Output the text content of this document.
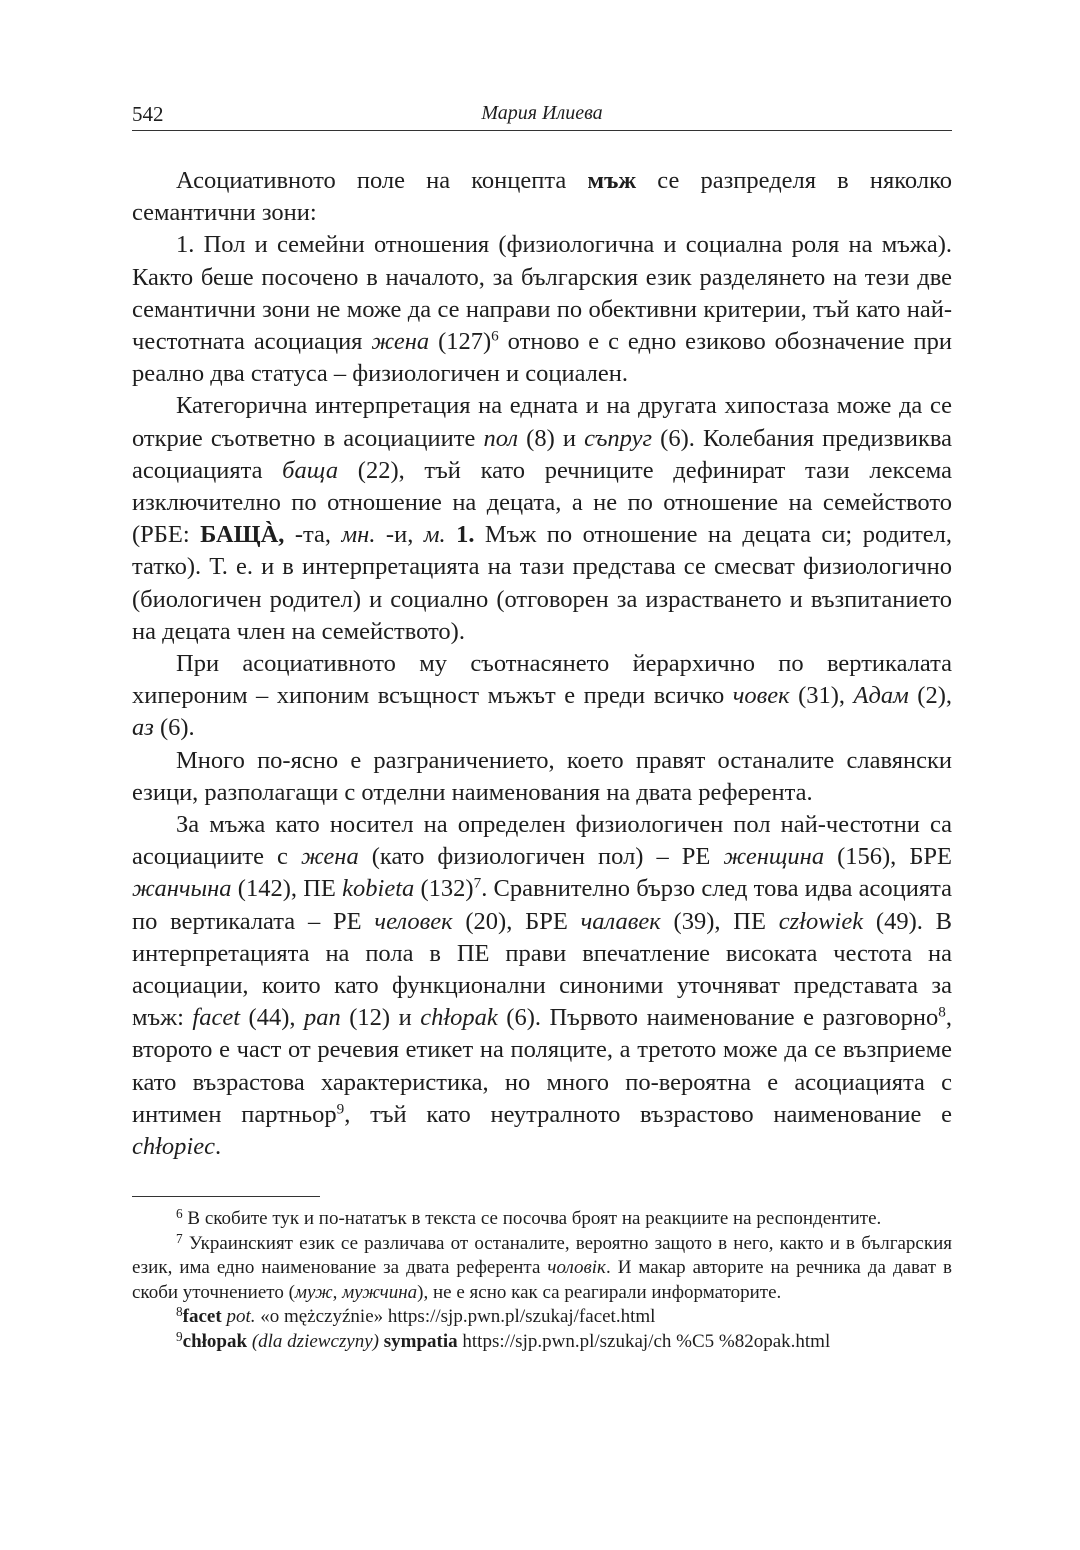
542	Мария Илиева

Асоциативното поле на концепта мъж се разпределя в няколко семантични зони:

1. Пол и семейни отношения (физиологична и социална роля на мъжа). Както беше посочено в началото, за българския език разделянето на тези две семантични зони не може да се направи по обективни критерии, тъй като най-честотната асоциация жена $(127)^6$ отново е с едно езиково обозначение при реално два статуса – физиологичен и социален.

Категорична интерпретация на едната и на другата хипостаза може да се открие съответно в асоциациите пол (8) и съпруг (6). Колебания предизвиква асоциацията баща (22), тъй като речниците дефинират тази лексема изключително по отношение на децата, а не по отношение на семейството (РБЕ: БАЩÀ, -та, мн. -и, м. 1. Мъж по отношение на децата си; родител, татко). Т. е. и в интерпретацията на тази представа се смесват физиологично (биологичен родител) и социално (отговорен за израстването и възпитанието на децата член на семейството).

При асоциативното му съотнасянето йерархично по вертикалата хипероним – хипоним всъщност мъжът е преди всичко човек (31), Адам (2), аз (6).

Много по-ясно е разграничението, което правят останалите славянски езици, разполагащи с отделни наименования на двата референта.

За мъжа като носител на определен физиологичен пол най-честотни са асоциациите с жена (като физиологичен пол) – РЕ женщина (156), БРЕ жанчына (142), ПЕ kobieta $(132)^7$. Сравнително бързо след това идва асоцията по вертикалата – РЕ человек (20), БРЕ чалавек (39), ПЕ człowiek (49). В интерпретацията на пола в ПЕ прави впечатление високата честота на асоциации, които като функционални синоними уточняват представата за мъж: facet (44), pan (12) и chłopak (6). Първото наименование е разговорно$^8$, второто е част от речевия етикет на поляците, а третото може да се възприеме като възрастова характеристика, но много по-вероятна е асоциацията с интимен партньор$^9$, тъй като неутралното възрастово наименование е chłopiec.

$^6$ В скобите тук и по-нататък в текста се посочва броят на реакциите на респондентите.

$^7$ Украинският език се различава от останалите, вероятно защото в него, както и в българския език, има едно наименование за двата референта чоловiк. И макар авторите на речника да дават в скоби уточнението (муж, мужчина), не е ясно как са реагирали информаторите.

$^8$facet pot. «o mężczyźnie» https://sjp.pwn.pl/szukaj/facet.html

$^9$chłopak (dla dziewczyny) sympatia https://sjp.pwn.pl/szukaj/ch %C5 %82opak.html
